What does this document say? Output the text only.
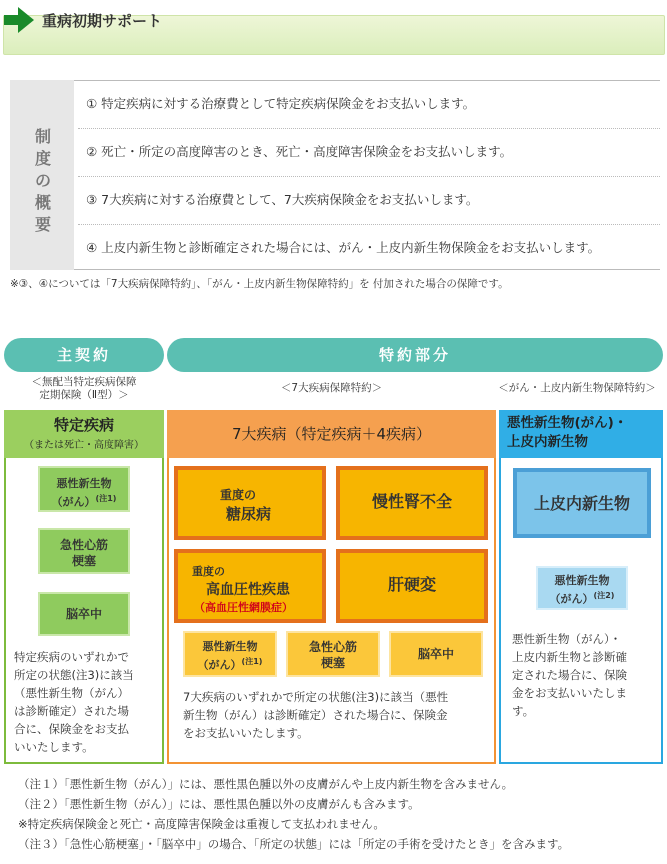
重病初期サポート
制
度
の
概
要
① 特定疾病に対する治療費として特定疾病保険金をお支払いします。
② 死亡・所定の高度障害のとき、死亡・高度障害保険金をお支払いします。
③ 7大疾病に対する治療費として、7大疾病保険金をお支払いします。
④ 上皮内新生物と診断確定された場合には、がん・上皮内新生物保険金をお支払いします。
※③、④については「7大疾病保障特約」、「がん・上皮内新生物保障特約」を 付加された場合の保障です。
主契約	特約部分
＜無配当特定疾病保障
定期保険（Ⅱ型）＞
＜7大疾病保障特約＞	＜がん・上皮内新生物保障特約＞
特定疾病
（または死亡・高度障害）
悪性新生物
（がん）$^{(注1)}$
急性心筋
梗塞
脳卒中
特定疾病のいずれかで
所定の状態(注3)に該当
（悪性新生物（がん）
は診断確定）された場
合に、保険金をお支払
いいたします。
7大疾病（特定疾病＋4疾病）
重度の
糖尿病
慢性腎不全
重度の
高血圧性疾患
（高血圧性網膜症）
肝硬変
悪性新生物
（がん）$^{(注1)}$
急性心筋
梗塞
脳卒中
7大疾病のいずれかで所定の状態(注3)に該当（悪性
新生物（がん）は診断確定）された場合に、保険金
をお支払いいたします。
悪性新生物(がん)・
上皮内新生物
上皮内新生物
悪性新生物
（がん）$^{(注2)}$
悪性新生物（がん）・
上皮内新生物と診断確
定された場合に、保険
金をお支払いいたしま
す。
（注１）「悪性新生物（がん）」には、悪性黒色腫以外の皮膚がんや上皮内新生物を含みません。
（注２）「悪性新生物（がん）」には、悪性黒色腫以外の皮膚がんも含みます。
※特定疾病保険金と死亡・高度障害保険金は重複して支払われません。
（注３）「急性心筋梗塞」・「脳卒中」の場合、「所定の状態」には「所定の手術を受けたとき」を含みます。
